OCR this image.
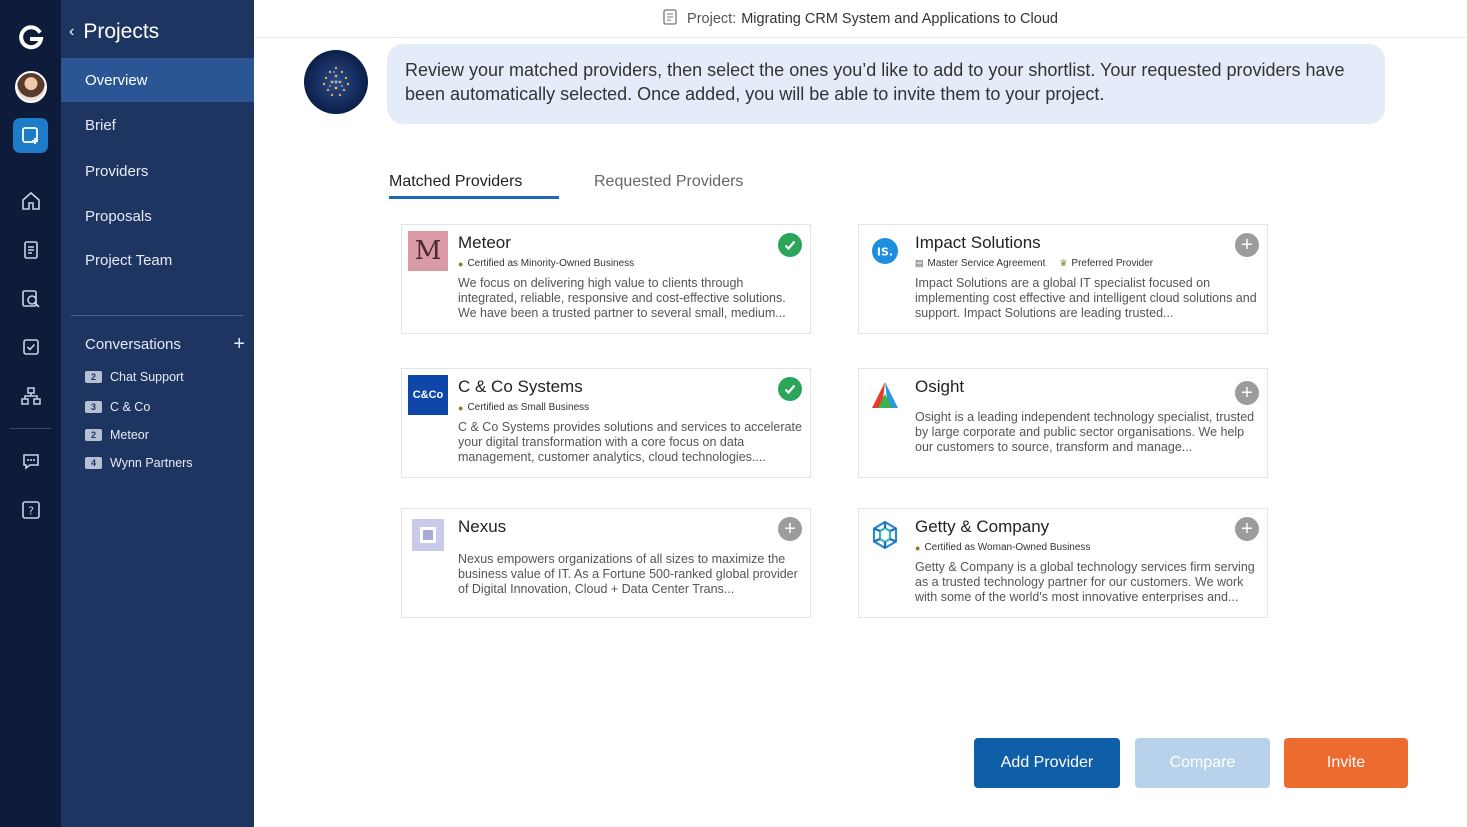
?
‹ Projects
Overview
Brief
Providers
Proposals
Project Team
Conversations	+
2	Chat Support
3	C & Co
2	Meteor
4	Wynn Partners
Project: Migrating CRM System and Applications to Cloud
Review your matched providers, then select the ones you’d like to add to your shortlist. Your requested providers have been automatically selected. Once added, you will be able to invite them to your project.
Matched Providers	Requested Providers
M Meteor
● Certified as Minority-Owned Business
We focus on delivering high value to clients through integrated, reliable, responsive and cost-effective solutions. We have been a trusted partner to several small, medium...
IS. Impact Solutions
▤ Master Service Agreement ♛ Preferred Provider
Impact Solutions are a global IT specialist focused on implementing cost effective and intelligent cloud solutions and support. Impact Solutions are leading trusted...
+
C&Co C & Co Systems
● Certified as Small Business
C & Co Systems provides solutions and services to accelerate your digital transformation with a core focus on data management, customer analytics, cloud technologies....
Osight
Osight is a leading independent technology specialist, trusted by large corporate and public sector organisations. We help our customers to source, transform and manage...
+
Nexus
Nexus empowers organizations of all sizes to maximize the business value of IT. As a Fortune 500-ranked global provider of Digital Innovation, Cloud + Data Center Trans...
+	Getty & Company
● Certified as Woman-Owned Business
Getty & Company is a global technology services firm serving as a trusted technology partner for our customers. We work with some of the world's most innovative enterprises and...
+
Add Provider	Compare	Invite
